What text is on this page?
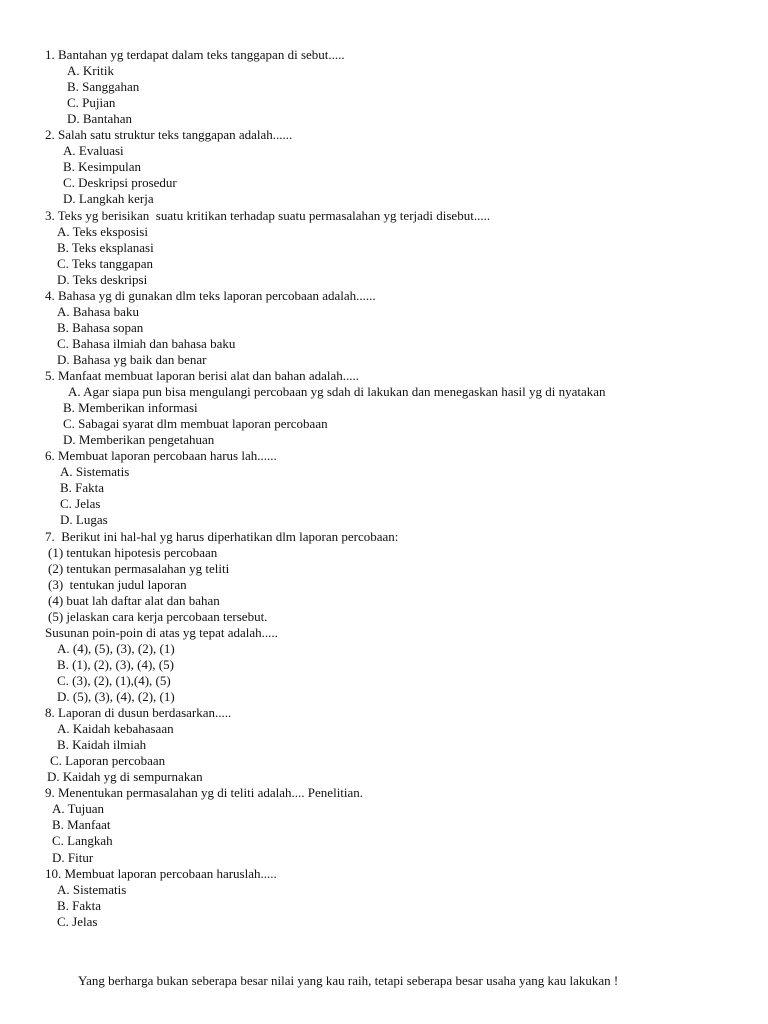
1. Bantahan yg terdapat dalam teks tanggapan di sebut.....
A. Kritik
B. Sanggahan
C. Pujian
D. Bantahan
2. Salah satu struktur teks tanggapan adalah......
A. Evaluasi
B. Kesimpulan
C. Deskripsi prosedur
D. Langkah kerja
3. Teks yg berisikan  suatu kritikan terhadap suatu permasalahan yg terjadi disebut.....
A. Teks eksposisi
B. Teks eksplanasi
C. Teks tanggapan
D. Teks deskripsi
4. Bahasa yg di gunakan dlm teks laporan percobaan adalah......
A. Bahasa baku
B. Bahasa sopan
C. Bahasa ilmiah dan bahasa baku
D. Bahasa yg baik dan benar
5. Manfaat membuat laporan berisi alat dan bahan adalah.....
A. Agar siapa pun bisa mengulangi percobaan yg sdah di lakukan dan menegaskan hasil yg di nyatakan
B. Memberikan informasi
C. Sabagai syarat dlm membuat laporan percobaan
D. Memberikan pengetahuan
6. Membuat laporan percobaan harus lah......
A. Sistematis
B. Fakta
C. Jelas
D. Lugas
7.  Berikut ini hal-hal yg harus diperhatikan dlm laporan percobaan:
(1) tentukan hipotesis percobaan
(2) tentukan permasalahan yg teliti
(3)  tentukan judul laporan
(4) buat lah daftar alat dan bahan
(5) jelaskan cara kerja percobaan tersebut.
Susunan poin-poin di atas yg tepat adalah.....
A. (4), (5), (3), (2), (1)
B. (1), (2), (3), (4), (5)
C. (3), (2), (1),(4), (5)
D. (5), (3), (4), (2), (1)
8. Laporan di dusun berdasarkan.....
A. Kaidah kebahasaan
B. Kaidah ilmiah
C. Laporan percobaan
D. Kaidah yg di sempurnakan
9. Menentukan permasalahan yg di teliti adalah.... Penelitian.
A. Tujuan
B. Manfaat
C. Langkah
D. Fitur
10. Membuat laporan percobaan haruslah.....
A. Sistematis
B. Fakta
C. Jelas
Yang berharga bukan seberapa besar nilai yang kau raih, tetapi seberapa besar usaha yang kau lakukan !
